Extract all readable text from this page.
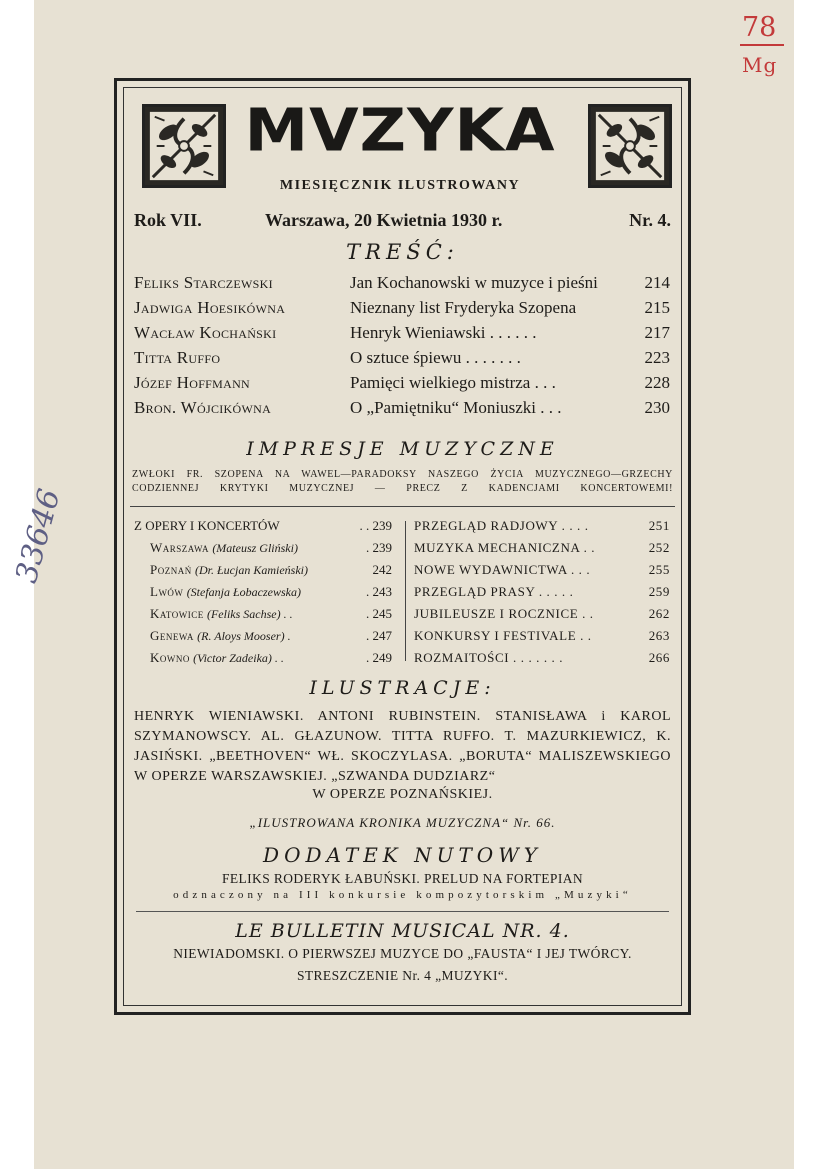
78
Mg
33646
MVZYKA
MIESIĘCZNIK ILUSTROWANY
Rok VII.	Warszawa, 20 Kwietnia 1930 r.	Nr. 4.
TREŚĆ:
Feliks Starczewski	Jan Kochanowski w muzyce i pieśni	214
Jadwiga Hoesikówna	Nieznany list Fryderyka Szopena	215
Wacław Kochański	Henryk Wieniawski . . . . . .	217
Titta Ruffo	O sztuce śpiewu . . . . . . .	223
Józef Hoffmann	Pamięci wielkiego mistrza . . .	228
Bron. Wójcikówna	O „Pamiętniku“ Moniuszki . . .	230
IMPRESJE MUZYCZNE
ZWŁOKI FR. SZOPENA NA WAWEL—PARADOKSY NASZEGO ŻYCIA MUZYCZNEGO—GRZECHY CODZIENNEJ KRYTYKI MUZYCZNEJ — PRECZ Z KADENCJAMI KONCERTOWEMI!
Z OPERY I KONCERTÓW	. . 239
Warszawa (Mateusz Gliński)	. 239
Poznań (Dr. Łucjan Kamieński)	242
Lwów (Stefanja Łobaczewska)	. 243
Katowice (Feliks Sachse) . .	. 245
Genewa (R. Aloys Mooser) .	. 247
Kowno (Victor Zadeika) . .	. 249
PRZEGLĄD RADJOWY . . . .	251
MUZYKA MECHANICZNA . .	252
NOWE WYDAWNICTWA . . .	255
PRZEGLĄD PRASY . . . . .	259
JUBILEUSZE I ROCZNICE . .	262
KONKURSY I FESTIVALE . .	263
ROZMAITOŚCI . . . . . . .	266
ILUSTRACJE:
HENRYK WIENIAWSKI. ANTONI RUBINSTEIN. STANISŁAWA i KAROL SZYMANOWSCY. AL. GŁAZUNOW. TITTA RUFFO. T. MAZURKIEWICZ, K. JASIŃSKI. „BEETHOVEN“ WŁ. SKOCZYLASA. „BORUTA“ MALISZEWSKIEGO W OPERZE WARSZAWSKIEJ. „SZWANDA DUDZIARZ“
W OPERZE POZNAŃSKIEJ.
„ILUSTROWANA KRONIKA MUZYCZNA“ Nr. 66.
DODATEK NUTOWY
FELIKS RODERYK ŁABUŃSKI. PRELUD NA FORTEPIAN
odznaczony na III konkursie kompozytorskim „Muzyki“
LE BULLETIN MUSICAL NR. 4.
NIEWIADOMSKI. O PIERWSZEJ MUZYCE DO „FAUSTA“ I JEJ TWÓRCY.
STRESZCZENIE Nr. 4 „MUZYKI“.
